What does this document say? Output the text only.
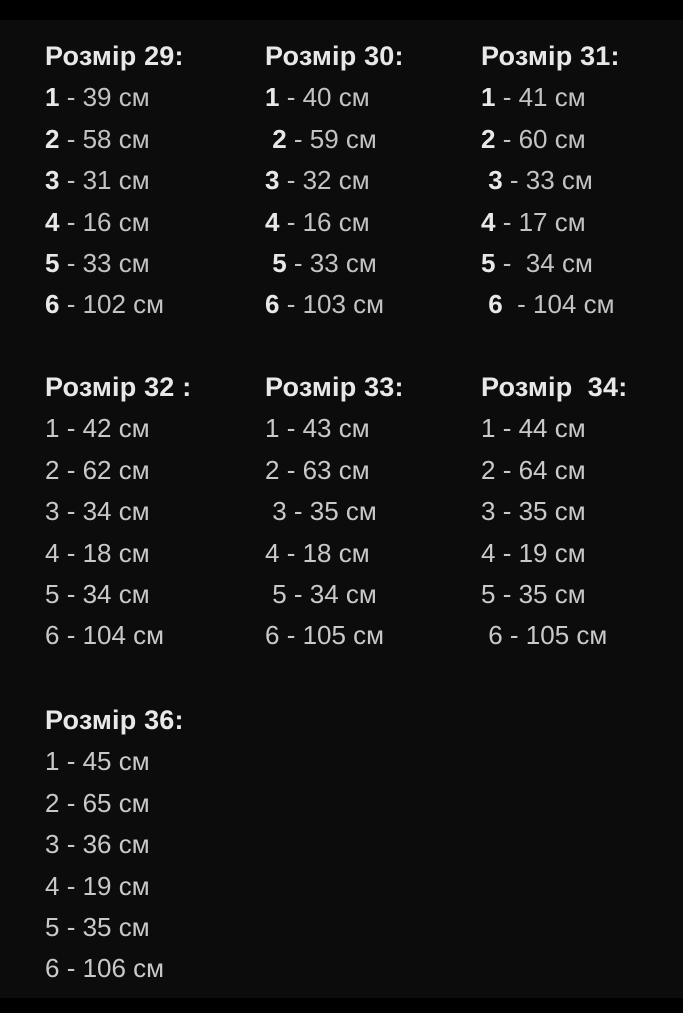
Розмір 29:
1 - 39 см
2 - 58 см
3 - 31 см
4 - 16 см
5 - 33 см
6 - 102 см
Розмір 30:
1 - 40 см
2 - 59 см
3 - 32 см
4 - 16 см
5 - 33 см
6 - 103 см
Розмір 31:
1 - 41 см
2 - 60 см
3 - 33 см
4 - 17 см
5 -  34 см
6  - 104 см
Розмір 32 :
1 - 42 см
2 - 62 см
3 - 34 см
4 - 18 см
5 - 34 см
6 - 104 см
Розмір 33:
1 - 43 см
2 - 63 см
3 - 35 см
4 - 18 см
5 - 34 см
6 - 105 см
Розмір  34:
1 - 44 см
2 - 64 см
3 - 35 см
4 - 19 см
5 - 35 см
6 - 105 см
Розмір 36:
1 - 45 см
2 - 65 см
3 - 36 см
4 - 19 см
5 - 35 см
6 - 106 см
